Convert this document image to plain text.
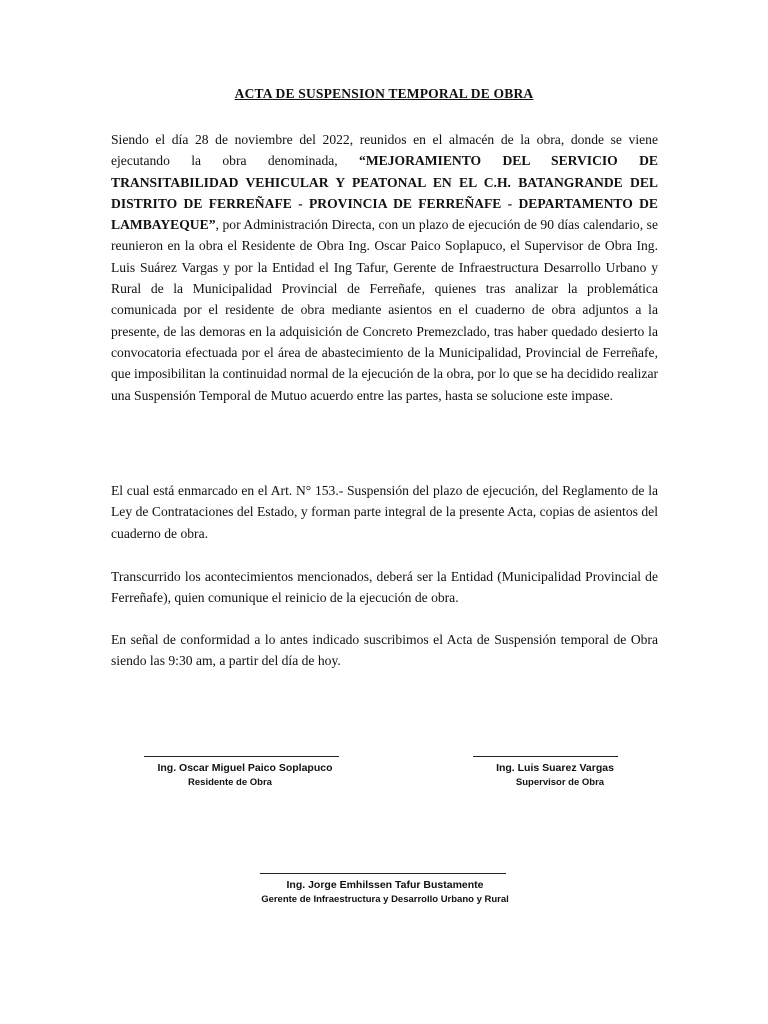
ACTA DE SUSPENSION TEMPORAL DE OBRA

Siendo el día 28 de noviembre del 2022, reunidos en el almacén de la obra, donde se viene ejecutando la obra denominada, “MEJORAMIENTO DEL SERVICIO DE TRANSITABILIDAD VEHICULAR Y PEATONAL EN EL C.H. BATANGRANDE DEL DISTRITO DE FERREÑAFE - PROVINCIA DE FERREÑAFE - DEPARTAMENTO DE LAMBAYEQUE”, por Administración Directa, con un plazo de ejecución de 90 días calendario, se reunieron en la obra el Residente de Obra Ing. Oscar Paico Soplapuco, el Supervisor de Obra Ing. Luis Suárez Vargas y por la Entidad el Ing Tafur, Gerente de Infraestructura Desarrollo Urbano y Rural de la Municipalidad Provincial de Ferreñafe, quienes tras analizar la problemática comunicada por el residente de obra mediante asientos en el cuaderno de obra adjuntos a la presente, de las demoras en la adquisición de Concreto Premezclado, tras haber quedado desierto la convocatoria efectuada por el área de abastecimiento de la Municipalidad, Provincial de Ferreñafe, que imposibilitan la continuidad normal de la ejecución de la obra, por lo que se ha decidido realizar una Suspensión Temporal de Mutuo acuerdo entre las partes, hasta se solucione este impase.

El cual está enmarcado en el Art. N° 153.- Suspensión del plazo de ejecución, del Reglamento de la Ley de Contrataciones del Estado, y forman parte integral de la presente Acta, copias de asientos del cuaderno de obra.

Transcurrido los acontecimientos mencionados, deberá ser la Entidad (Municipalidad Provincial de Ferreñafe), quien comunique el reinicio de la ejecución de obra.

En señal de conformidad a lo antes indicado suscribimos el Acta de Suspensión temporal de Obra siendo las 9:30 am, a partir del día de hoy.

Ing. Oscar Miguel Paico Soplapuco
Residente de Obra
Ing. Luis Suarez Vargas
Supervisor de Obra
Ing. Jorge Emhilssen Tafur Bustamente
Gerente de Infraestructura y Desarrollo Urbano y Rural
